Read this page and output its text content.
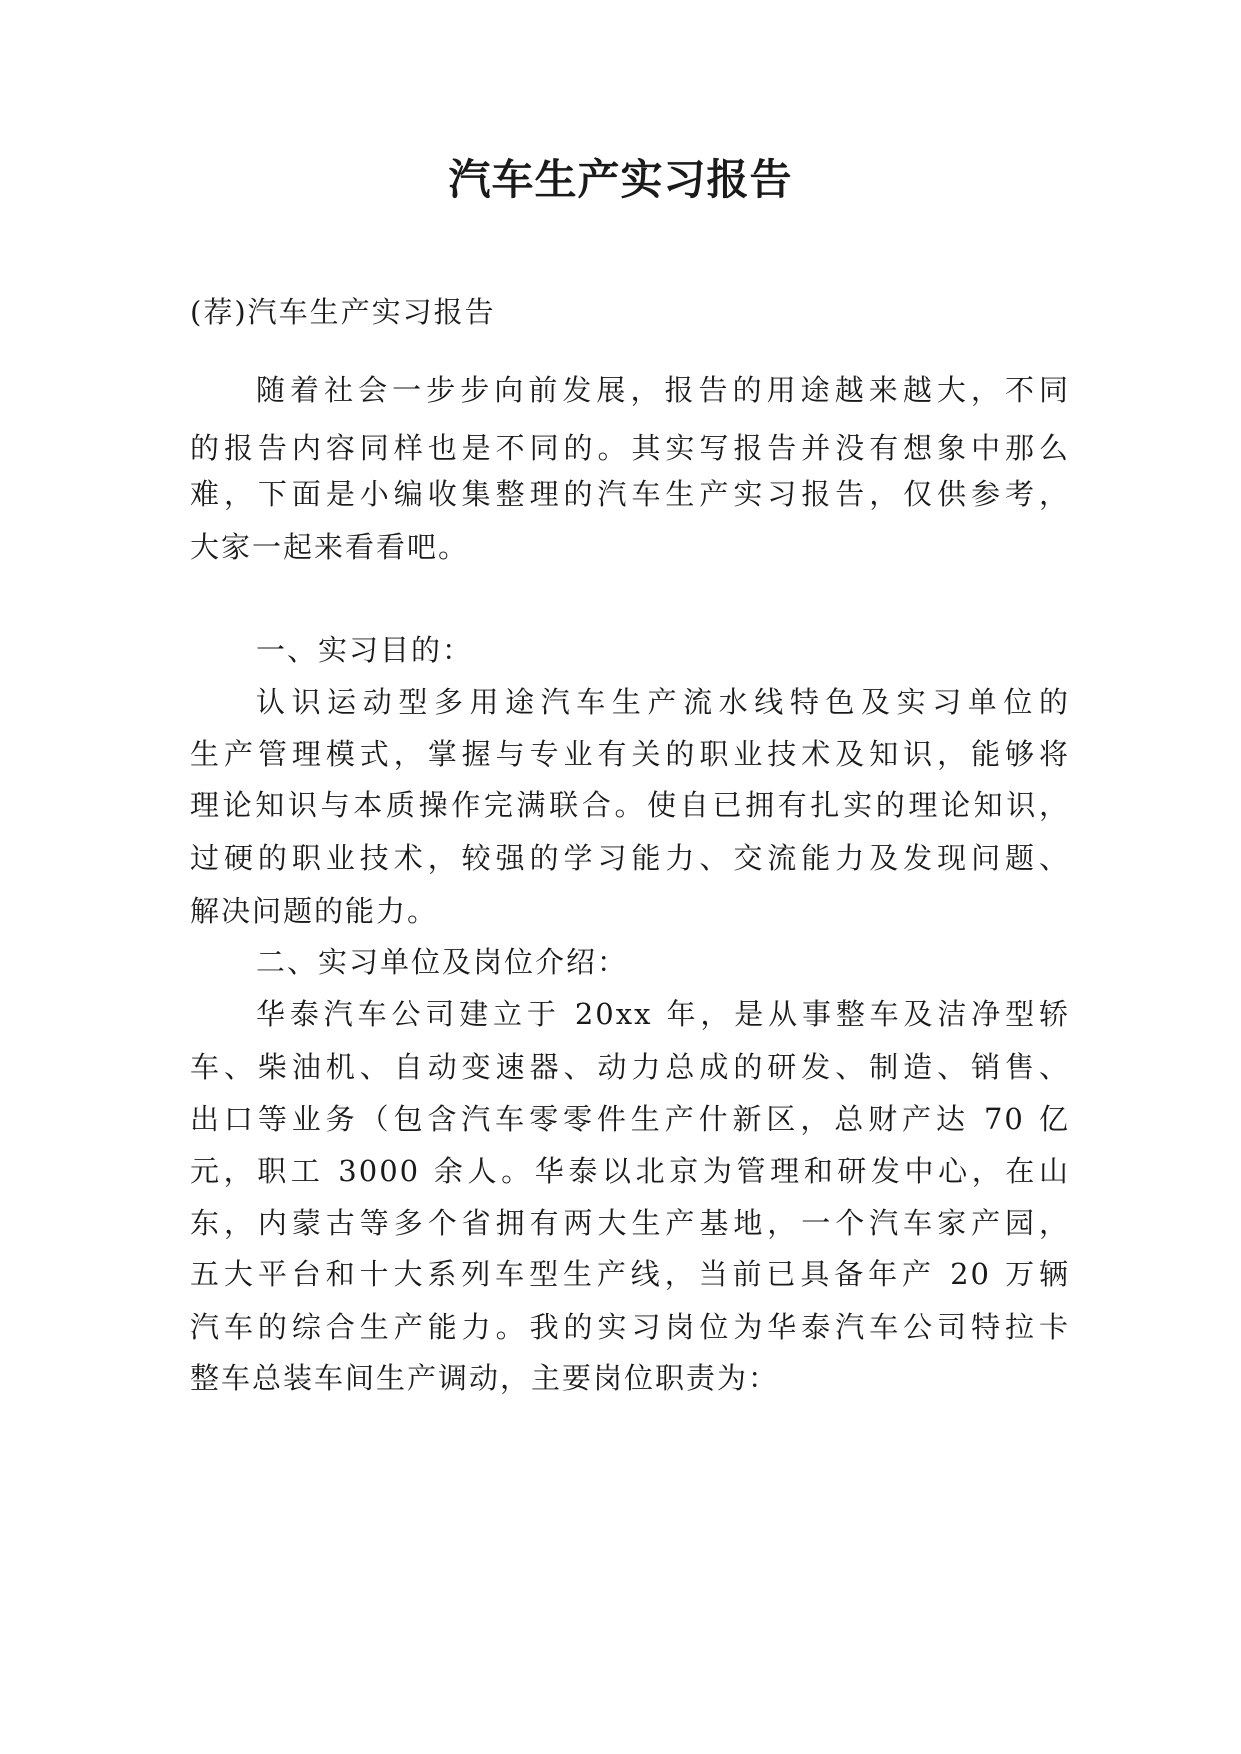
汽车生产实习报告

(荐)汽车生产实习报告

随着社会一步步向前发展，报告的用途越来越大，不同

的报告内容同样也是不同的。其实写报告并没有想象中那么

难，下面是小编收集整理的汽车生产实习报告，仅供参考，

大家一起来看看吧。

一、实习目的：

认识运动型多用途汽车生产流水线特色及实习单位的

生产管理模式，掌握与专业有关的职业技术及知识，能够将

理论知识与本质操作完满联合。使自已拥有扎实的理论知识，

过硬的职业技术，较强的学习能力、交流能力及发现问题、

解决问题的能力。

二、实习单位及岗位介绍：

华泰汽车公司建立于 20xx 年，是从事整车及洁净型轿

车、柴油机、自动变速器、动力总成的研发、制造、销售、

出口等业务（包含汽车零零件生产什新区，总财产达 70 亿

元，职工 3000 余人。华泰以北京为管理和研发中心，在山

东，内蒙古等多个省拥有两大生产基地，一个汽车家产园，

五大平台和十大系列车型生产线，当前已具备年产 20 万辆

汽车的综合生产能力。我的实习岗位为华泰汽车公司特拉卡

整车总装车间生产调动，主要岗位职责为：
